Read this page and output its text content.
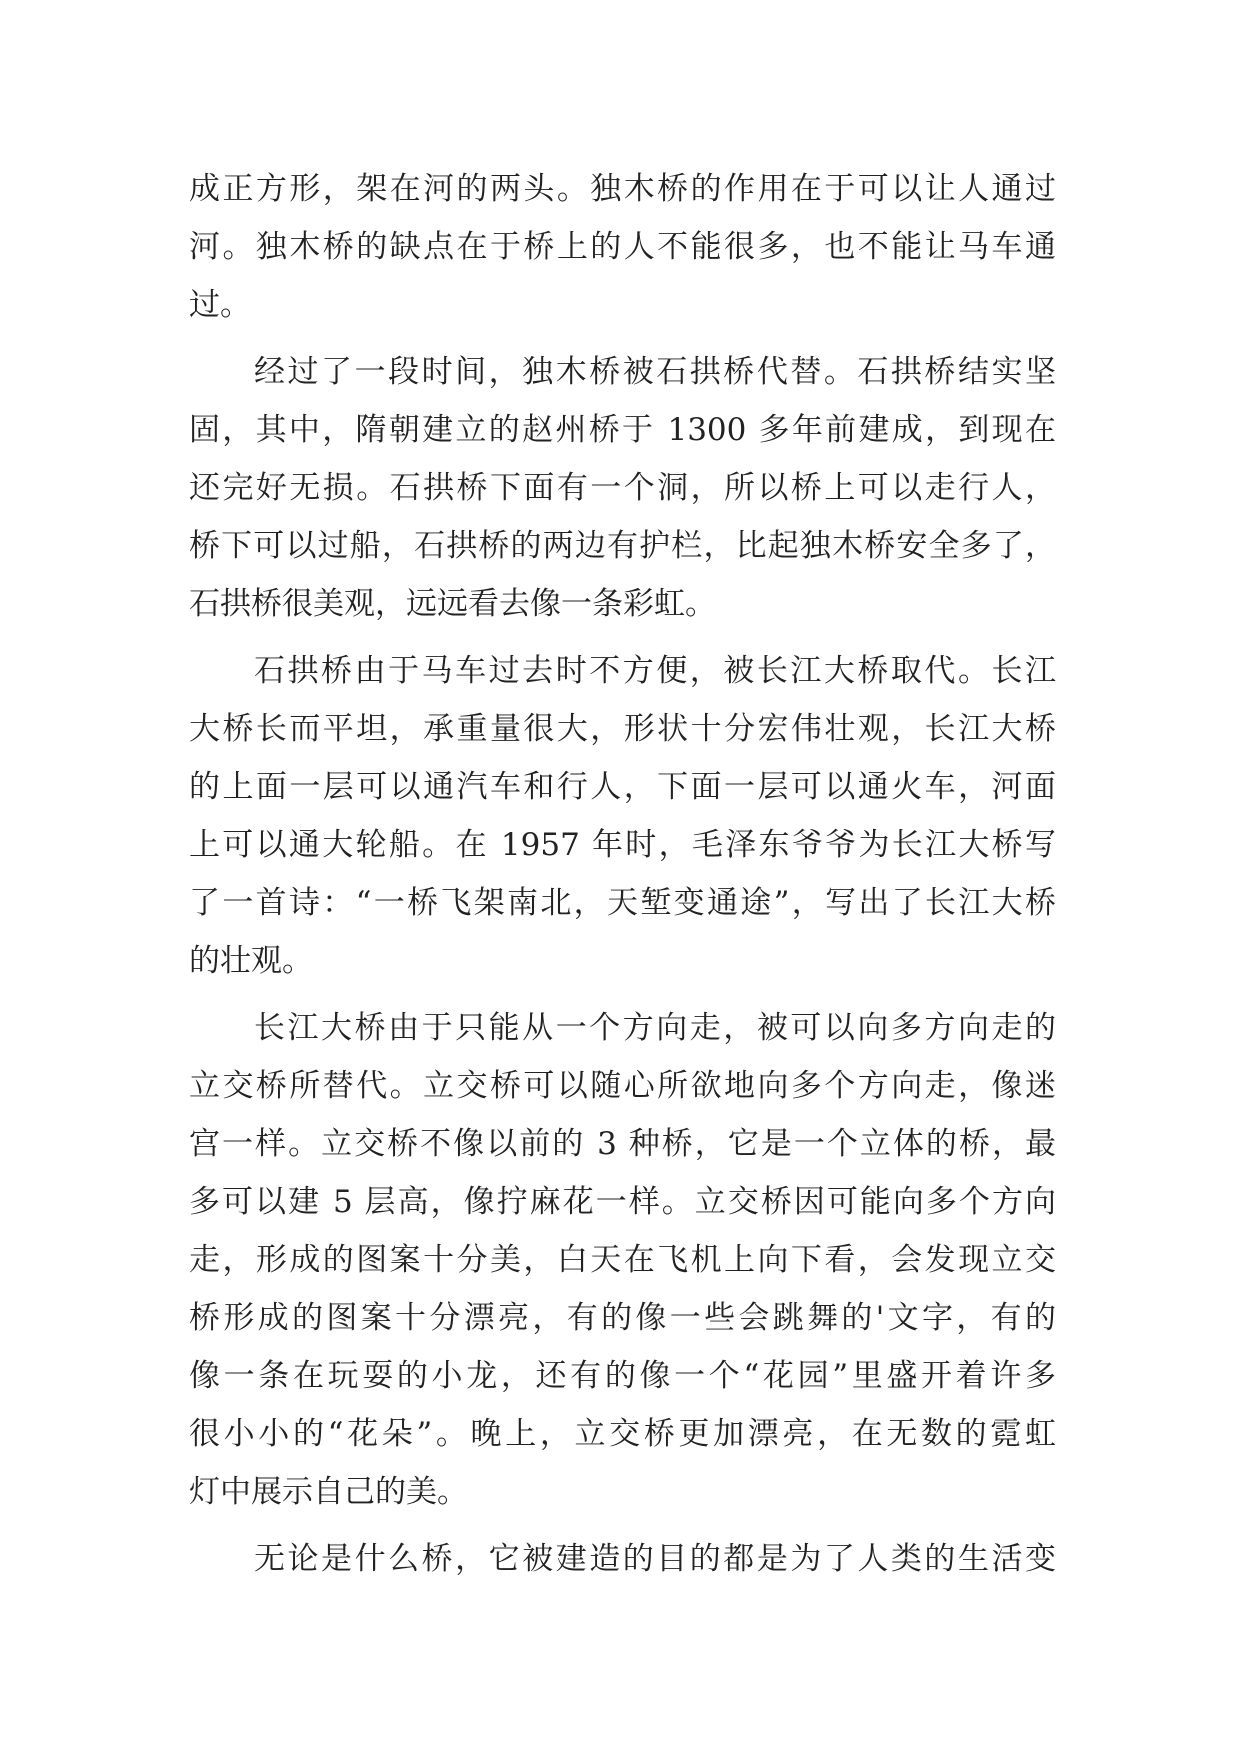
成正方形，架在河的两头。独木桥的作用在于可以让人通过
河。独木桥的缺点在于桥上的人不能很多，也不能让马车通
过。
经过了一段时间，独木桥被石拱桥代替。石拱桥结实坚
固，其中，隋朝建立的赵州桥于 1300 多年前建成，到现在
还完好无损。石拱桥下面有一个洞，所以桥上可以走行人，
桥下可以过船，石拱桥的两边有护栏，比起独木桥安全多了，
石拱桥很美观，远远看去像一条彩虹。
石拱桥由于马车过去时不方便，被长江大桥取代。长江
大桥长而平坦，承重量很大，形状十分宏伟壮观，长江大桥
的上面一层可以通汽车和行人，下面一层可以通火车，河面
上可以通大轮船。在 1957 年时，毛泽东爷爷为长江大桥写
了一首诗：“一桥飞架南北，天堑变通途”，写出了长江大桥
的壮观。
长江大桥由于只能从一个方向走，被可以向多方向走的
立交桥所替代。立交桥可以随心所欲地向多个方向走，像迷
宫一样。立交桥不像以前的 3 种桥，它是一个立体的桥，最
多可以建 5 层高，像拧麻花一样。立交桥因可能向多个方向
走，形成的图案十分美，白天在飞机上向下看，会发现立交
桥形成的图案十分漂亮，有的像一些会跳舞的'文字，有的
像一条在玩耍的小龙，还有的像一个“花园”里盛开着许多
很小小的“花朵”。晚上，立交桥更加漂亮，在无数的霓虹
灯中展示自己的美。
无论是什么桥，它被建造的目的都是为了人类的生活变
